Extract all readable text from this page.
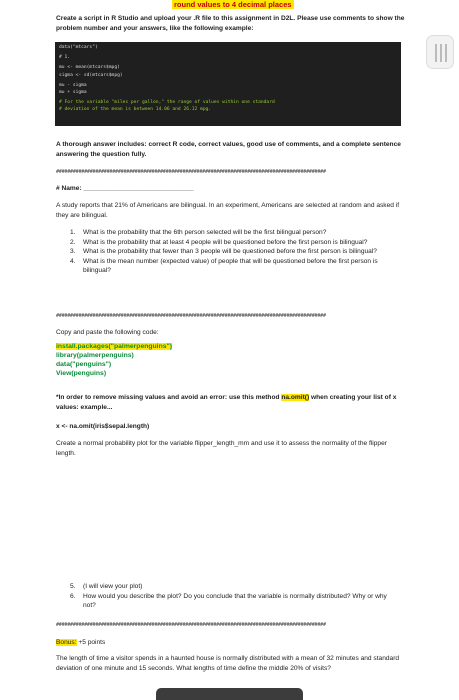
round values to 4 decimal places
Create a script in R Studio and upload your .R file to this assignment in D2L. Please use comments to show the problem number and your answers, like the following example:
data("mtcars")
# 1.
mu <- mean(mtcars$mpg)
sigma <- sd(mtcars$mpg)
mu - sigma
mu + sigma
# For the variable "miles per gallon," the range of values within one standard
# deviation of the mean is between 14.06 and 26.12 mpg.
A thorough answer includes: correct R code, correct values, good use of comments, and a complete sentence answering the question fully.
################################################################################################
# Name: ______________________________
A study reports that 21% of Americans are bilingual. In an experiment, Americans are selected at random and asked if they are bilingual.
1. What is the probability that the 6th person selected will be the first bilingual person?
2. What is the probability that at least 4 people will be questioned before the first person is bilingual?
3. What is the probability that fewer than 3 people will be questioned before the first person is bilingual?
4. What is the mean number (expected value) of people that will be questioned before the first person is bilingual?
################################################################################################
Copy and paste the following code:
install.packages("palmerpenguins")
library(palmerpenguins)
data("penguins")
View(penguins)
*In order to remove missing values and avoid an error: use this method na.omit() when creating your list of x values: example...
x <- na.omit(iris$sepal.length)
Create a normal probability plot for the variable flipper_length_mm and use it to assess the normality of the flipper length.
5. (I will view your plot)
6. How would you describe the plot? Do you conclude that the variable is normally distributed? Why or why not?
################################################################################################
Bonus: +5 points
The length of time a visitor spends in a haunted house is normally distributed with a mean of 32 minutes and standard deviation of one minute and 15 seconds. What lengths of time define the middle 20% of visits?
